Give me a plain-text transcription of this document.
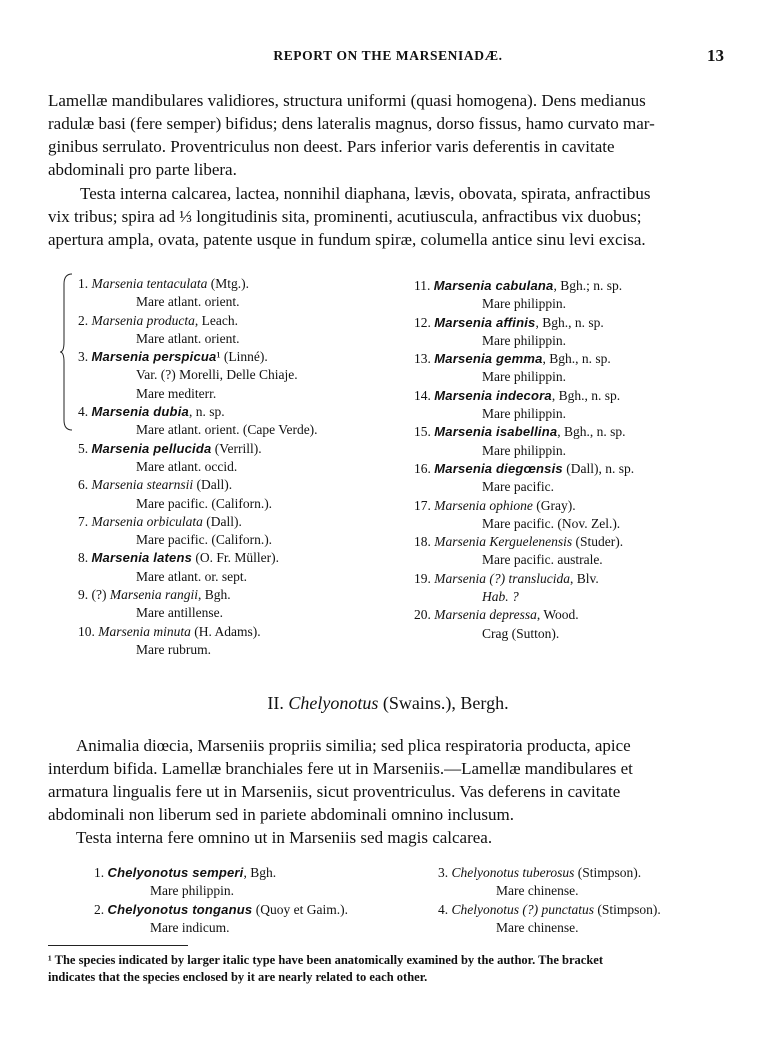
REPORT ON THE MARSENIADÆ.	13
Lamellæ mandibulares validiores, structura uniformi (quasi homogena). Dens medianus
radulæ basi (fere semper) bifidus; dens lateralis magnus, dorso fissus, hamo curvato mar-
ginibus serrulato. Proventriculus non deest. Pars inferior varis deferentis in cavitate
abdominali pro parte libera.
Testa interna calcarea, lactea, nonnihil diaphana, lævis, obovata, spirata, anfractibus
vix tribus; spira ad ⅓ longitudinis sita, prominenti, acutiuscula, anfractibus vix duobus;
apertura ampla, ovata, patente usque in fundum spiræ, columella antice sinu levi excisa.
1. Marsenia tentaculata (Mtg.).
Mare atlant. orient.
2. Marsenia producta, Leach.
Mare atlant. orient.
3. Marsenia perspicua¹ (Linné).
Var. (?) Morelli, Delle Chiaje.
Mare mediterr.
4. Marsenia dubia, n. sp.
Mare atlant. orient. (Cape Verde).
5. Marsenia pellucida (Verrill).
Mare atlant. occid.
6. Marsenia stearnsii (Dall).
Mare pacific. (Californ.).
7. Marsenia orbiculata (Dall).
Mare pacific. (Californ.).
8. Marsenia latens (O. Fr. Müller).
Mare atlant. or. sept.
9. (?) Marsenia rangii, Bgh.
Mare antillense.
10. Marsenia minuta (H. Adams).
Mare rubrum.
11. Marsenia cabulana, Bgh.; n. sp.
Mare philippin.
12. Marsenia affinis, Bgh., n. sp.
Mare philippin.
13. Marsenia gemma, Bgh., n. sp.
Mare philippin.
14. Marsenia indecora, Bgh., n. sp.
Mare philippin.
15. Marsenia isabellina, Bgh., n. sp.
Mare philippin.
16. Marsenia diegœnsis (Dall), n. sp.
Mare pacific.
17. Marsenia ophione (Gray).
Mare pacific. (Nov. Zel.).
18. Marsenia Kerguelenensis (Studer).
Mare pacific. australe.
19. Marsenia (?) translucida, Blv.
Hab. ?
20. Marsenia depressa, Wood.
Crag (Sutton).
II. Chelyonotus (Swains.), Bergh.
Animalia diœcia, Marseniis propriis similia; sed plica respiratoria producta, apice
interdum bifida. Lamellæ branchiales fere ut in Marseniis.—Lamellæ mandibulares et
armatura lingualis fere ut in Marseniis, sicut proventriculus. Vas deferens in cavitate
abdominali non liberum sed in pariete abdominali omnino inclusum.
Testa interna fere omnino ut in Marseniis sed magis calcarea.
1. Chelyonotus semperi, Bgh.
Mare philippin.
2. Chelyonotus tonganus (Quoy et Gaim.).
Mare indicum.
3. Chelyonotus tuberosus (Stimpson).
Mare chinense.
4. Chelyonotus (?) punctatus (Stimpson).
Mare chinense.
¹ The species indicated by larger italic type have been anatomically examined by the author. The bracket
indicates that the species enclosed by it are nearly related to each other.
